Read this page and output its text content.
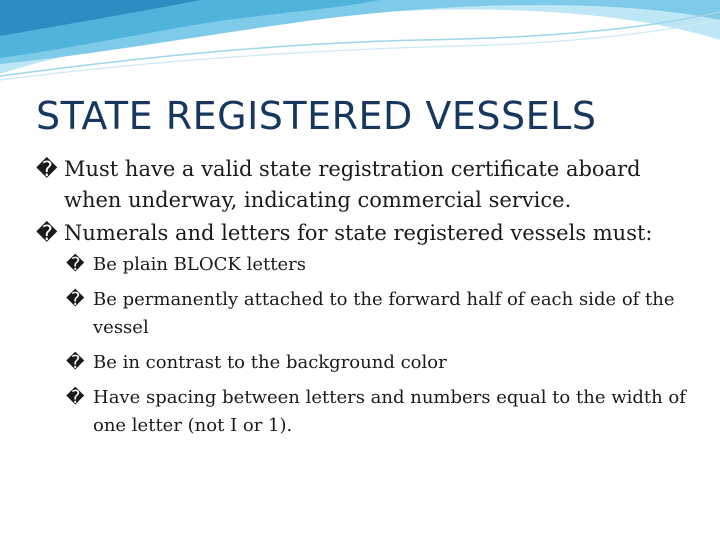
STATE REGISTERED VESSELS
� Must have a valid state registration certificate aboard when underway, indicating commercial service.
� Numerals and letters for state registered vessels must:
� Be plain BLOCK letters
� Be permanently attached to the forward half of each side of the vessel
� Be in contrast to the background color
� Have spacing between letters and numbers equal to the width of one letter (not I or 1).
